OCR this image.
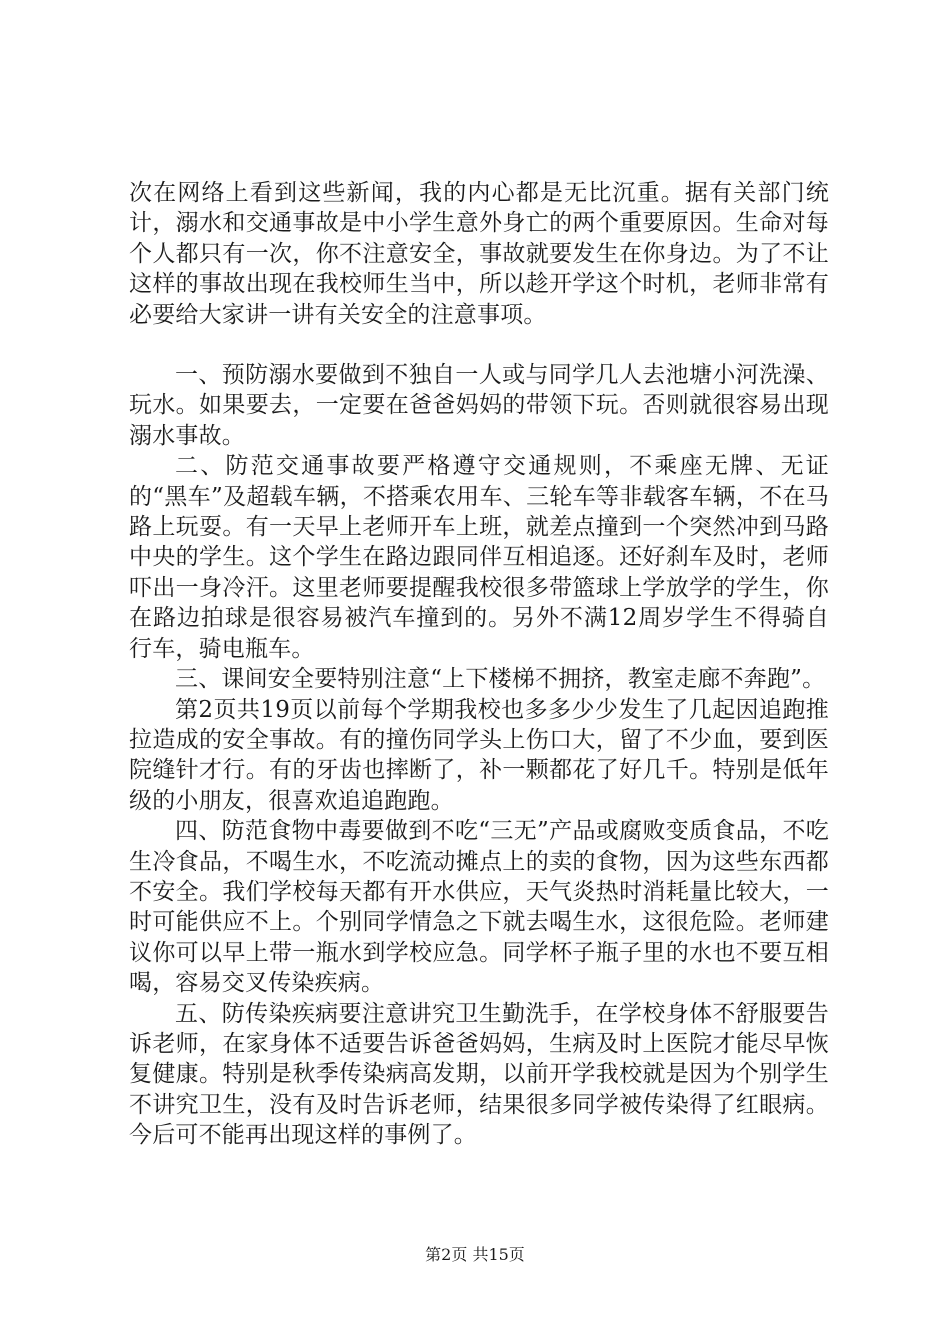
次在网络上看到这些新闻，我的内心都是无比沉重。据有关部门统计，溺水和交通事故是中小学生意外身亡的两个重要原因。生命对每个人都只有一次，你不注意安全，事故就要发生在你身边。为了不让这样的事故出现在我校师生当中，所以趁开学这个时机，老师非常有必要给大家讲一讲有关安全的注意事项。

一、预防溺水要做到不独自一人或与同学几人去池塘小河洗澡、玩水。如果要去，一定要在爸爸妈妈的带领下玩。否则就很容易出现溺水事故。

二、防范交通事故要严格遵守交通规则，不乘座无牌、无证的“黑车”及超载车辆，不搭乘农用车、三轮车等非载客车辆，不在马路上玩耍。有一天早上老师开车上班，就差点撞到一个突然冲到马路中央的学生。这个学生在路边跟同伴互相追逐。还好刹车及时，老师吓出一身冷汗。这里老师要提醒我校很多带篮球上学放学的学生，你在路边拍球是很容易被汽车撞到的。另外不满12周岁学生不得骑自行车，骑电瓶车。

三、课间安全要特别注意“上下楼梯不拥挤，教室走廊不奔跑”。

第2页共19页以前每个学期我校也多多少少发生了几起因追跑推拉造成的安全事故。有的撞伤同学头上伤口大，留了不少血，要到医院缝针才行。有的牙齿也摔断了，补一颗都花了好几千。特别是低年级的小朋友，很喜欢追追跑跑。

四、防范食物中毒要做到不吃“三无”产品或腐败变质食品，不吃生冷食品，不喝生水，不吃流动摊点上的卖的食物，因为这些东西都不安全。我们学校每天都有开水供应，天气炎热时消耗量比较大，一时可能供应不上。个别同学情急之下就去喝生水，这很危险。老师建议你可以早上带一瓶水到学校应急。同学杯子瓶子里的水也不要互相喝，容易交叉传染疾病。

五、防传染疾病要注意讲究卫生勤洗手，在学校身体不舒服要告诉老师，在家身体不适要告诉爸爸妈妈，生病及时上医院才能尽早恢复健康。特别是秋季传染病高发期，以前开学我校就是因为个别学生不讲究卫生，没有及时告诉老师，结果很多同学被传染得了红眼病。今后可不能再出现这样的事例了。

第2页 共15页
